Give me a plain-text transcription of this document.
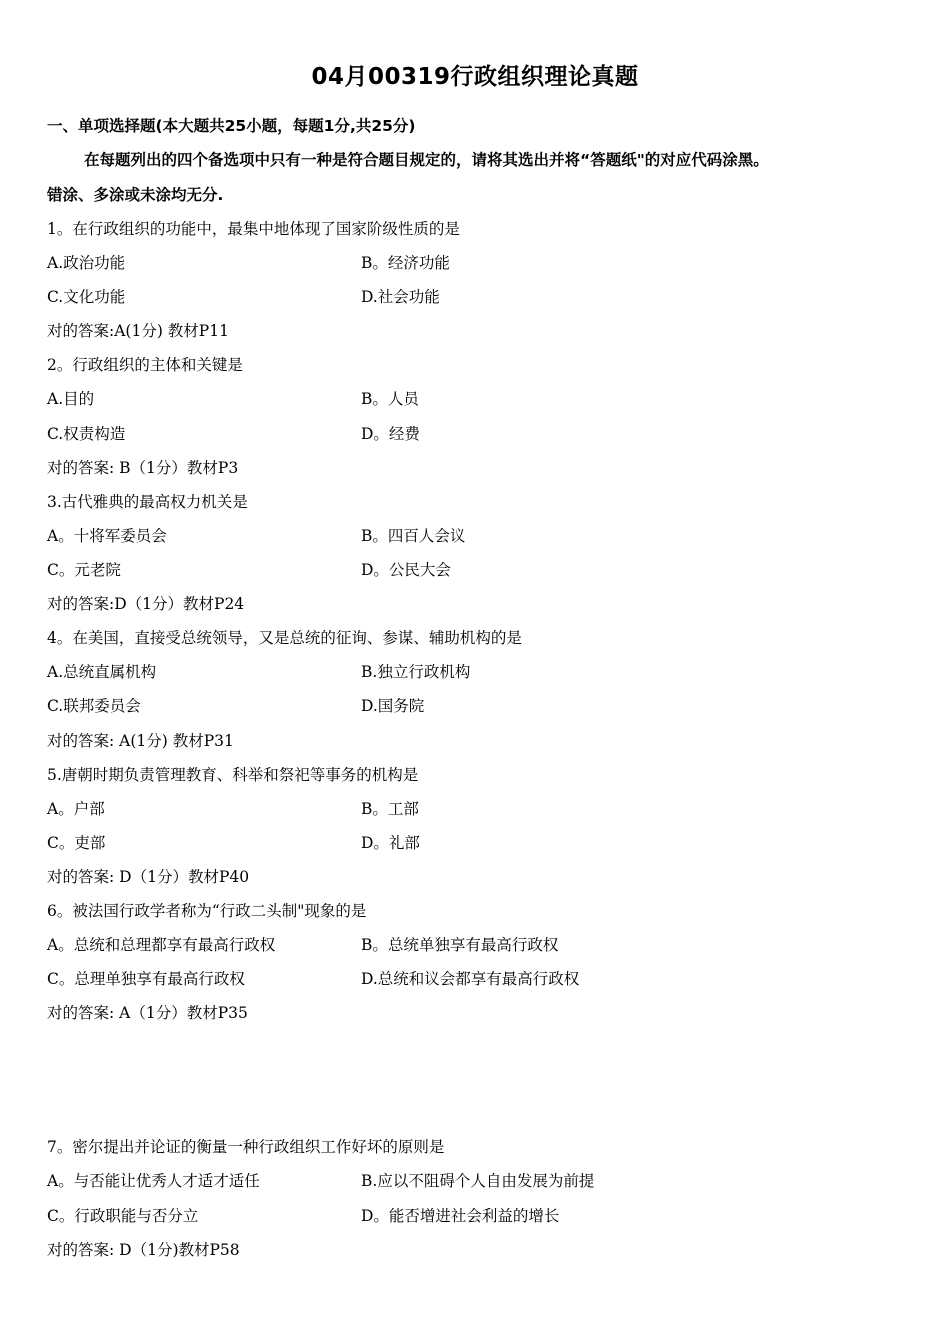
04月00319行政组织理论真题
一、单项选择题(本大题共25小题，每题1分,共25分)
在每题列出的四个备选项中只有一种是符合题目规定的，请将其选出并将“答题纸"的对应代码涂黑。
错涂、多涂或未涂均无分.
1。在行政组织的功能中，最集中地体现了国家阶级性质的是
A.政治功能	B。经济功能
C.文化功能	D.社会功能
对的答案:A(1分) 教材P11
2。行政组织的主体和关键是
A.目的	B。人员
C.权责构造	D。经费
对的答案: B（1分）教材P3
3.古代雅典的最高权力机关是
A。十将军委员会	B。四百人会议
C。元老院	D。公民大会
对的答案:D（1分）教材P24
4。在美国，直接受总统领导，又是总统的征询、参谋、辅助机构的是
A.总统直属机构	B.独立行政机构
C.联邦委员会	D.国务院
对的答案: A(1分) 教材P31
5.唐朝时期负责管理教育、科举和祭祀等事务的机构是
A。户部	B。工部
C。吏部	D。礼部
对的答案: D（1分）教材P40
6。被法国行政学者称为“行政二头制"现象的是
A。总统和总理都享有最高行政权	B。总统单独享有最高行政权
C。总理单独享有最高行政权	D.总统和议会都享有最高行政权
对的答案: A（1分）教材P35
7。密尔提出并论证的衡量一种行政组织工作好坏的原则是
A。与否能让优秀人才适才适任	B.应以不阻碍个人自由发展为前提
C。行政职能与否分立	D。能否增进社会利益的增长
对的答案: D（1分)教材P58
